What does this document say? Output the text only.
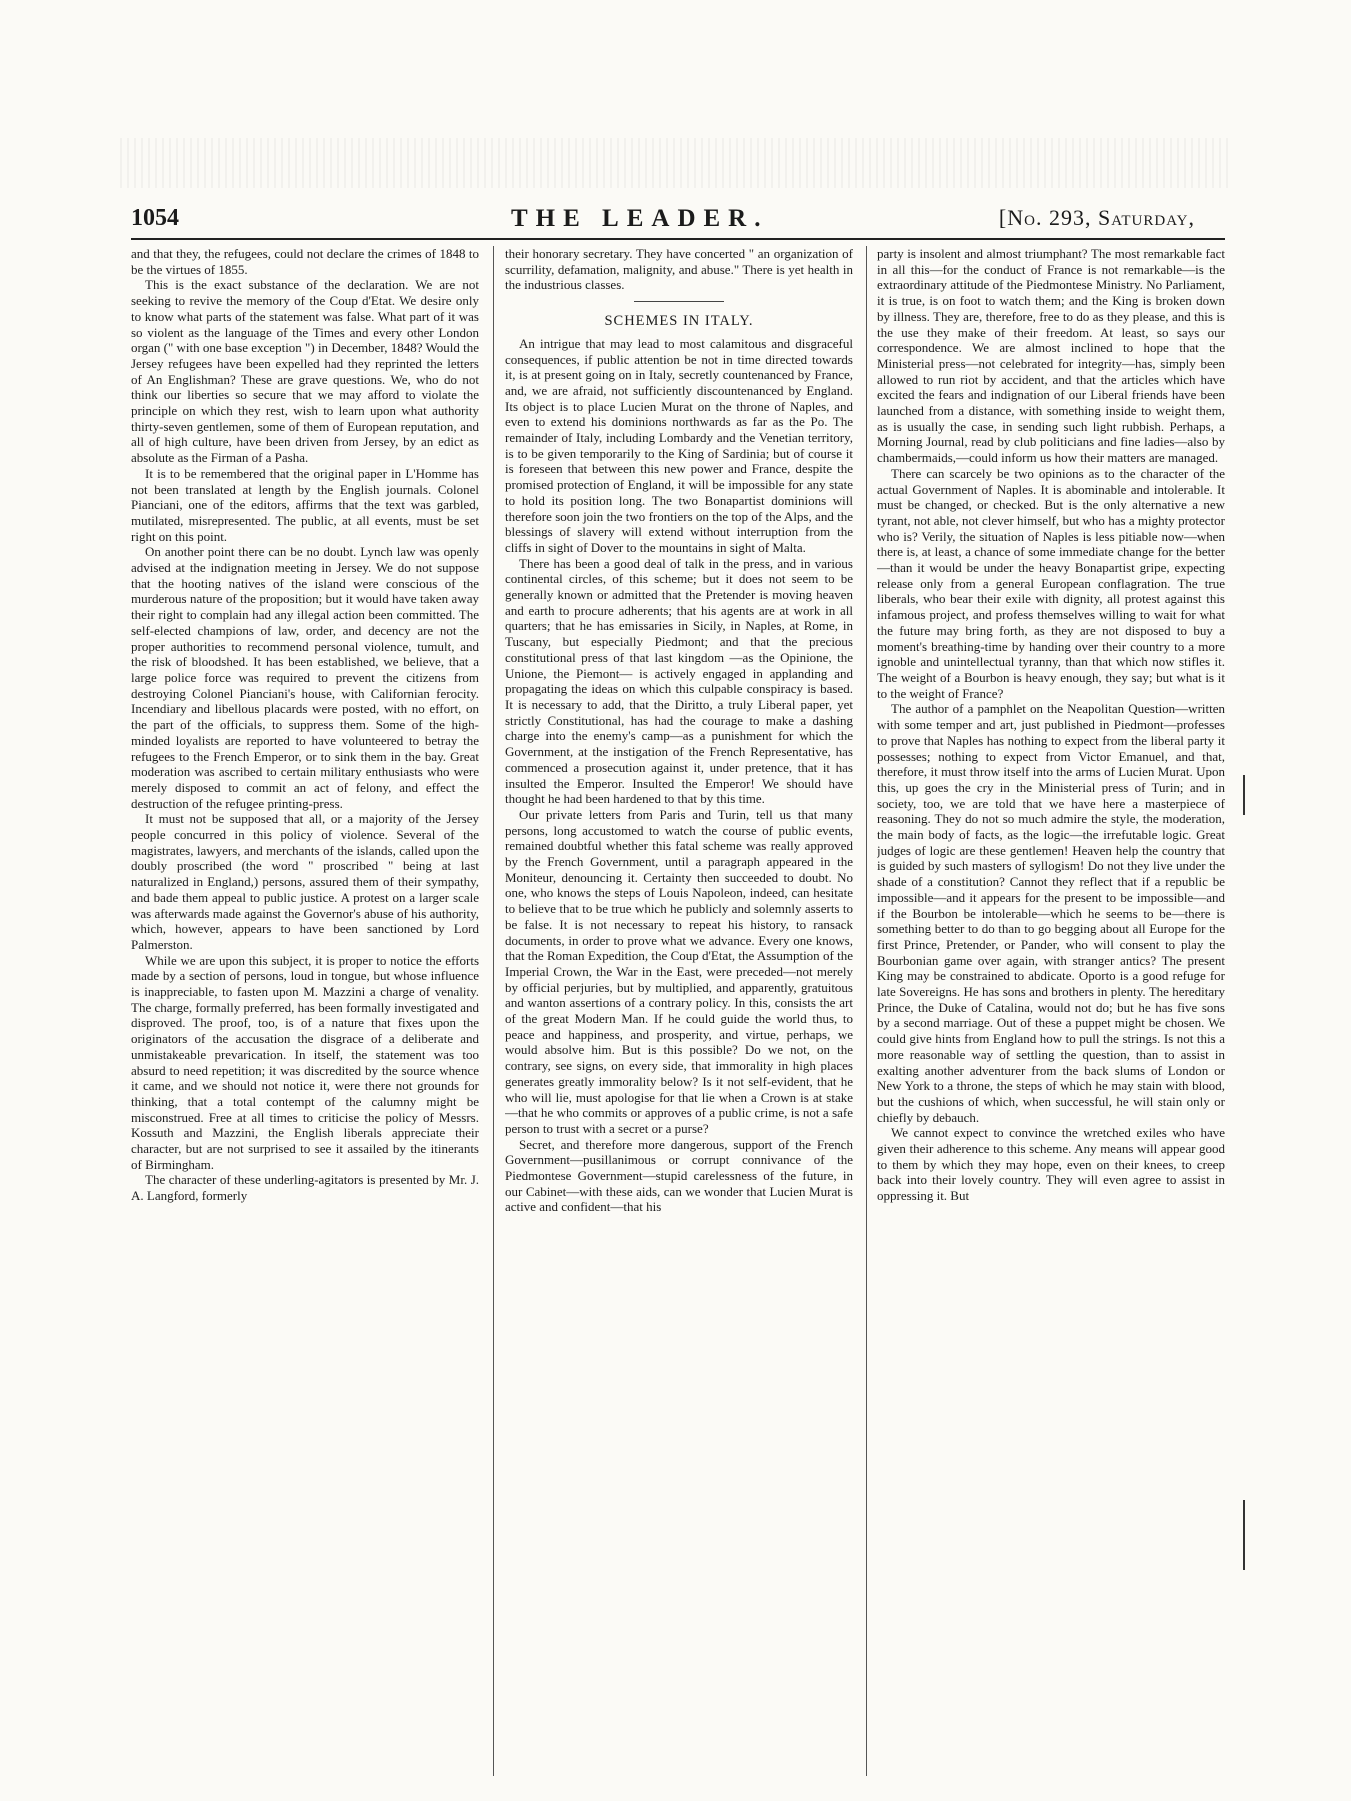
1054	THE LEADER.	[No. 293, Saturday,

and that they, the refugees, could not declare the crimes of 1848 to be the virtues of 1855.

This is the exact substance of the declaration. We are not seeking to revive the memory of the Coup d'Etat. We desire only to know what parts of the statement was false. What part of it was so violent as the language of the Times and every other London organ (" with one base exception ") in December, 1848? Would the Jersey refugees have been expelled had they reprinted the letters of An Englishman? These are grave questions. We, who do not think our liberties so secure that we may afford to violate the principle on which they rest, wish to learn upon what authority thirty-seven gentlemen, some of them of European reputation, and all of high culture, have been driven from Jersey, by an edict as absolute as the Firman of a Pasha.

It is to be remembered that the original paper in L'Homme has not been translated at length by the English journals. Colonel Pianciani, one of the editors, affirms that the text was garbled, mutilated, misrepresented. The public, at all events, must be set right on this point.

On another point there can be no doubt. Lynch law was openly advised at the indignation meeting in Jersey. We do not suppose that the hooting natives of the island were conscious of the murderous nature of the proposition; but it would have taken away their right to complain had any illegal action been committed. The self-elected champions of law, order, and decency are not the proper authorities to recommend personal violence, tumult, and the risk of bloodshed. It has been established, we believe, that a large police force was required to prevent the citizens from destroying Colonel Pianciani's house, with Californian ferocity. Incendiary and libellous placards were posted, with no effort, on the part of the officials, to suppress them. Some of the high-minded loyalists are reported to have volunteered to betray the refugees to the French Emperor, or to sink them in the bay. Great moderation was ascribed to certain military enthusiasts who were merely disposed to commit an act of felony, and effect the destruction of the refugee printing-press.

It must not be supposed that all, or a majority of the Jersey people concurred in this policy of violence. Several of the magistrates, lawyers, and merchants of the islands, called upon the doubly proscribed (the word " proscribed " being at last naturalized in England,) persons, assured them of their sympathy, and bade them appeal to public justice. A protest on a larger scale was afterwards made against the Governor's abuse of his authority, which, however, appears to have been sanctioned by Lord Palmerston.

While we are upon this subject, it is proper to notice the efforts made by a section of persons, loud in tongue, but whose influence is inappreciable, to fasten upon M. Mazzini a charge of venality. The charge, formally preferred, has been formally investigated and disproved. The proof, too, is of a nature that fixes upon the originators of the accusation the disgrace of a deliberate and unmistakeable prevarication. In itself, the statement was too absurd to need repetition; it was discredited by the source whence it came, and we should not notice it, were there not grounds for thinking, that a total contempt of the calumny might be misconstrued. Free at all times to criticise the policy of Messrs. Kossuth and Mazzini, the English liberals appreciate their character, but are not surprised to see it assailed by the itinerants of Birmingham.

The character of these underling-agitators is presented by Mr. J. A. Langford, formerly

their honorary secretary. They have concerted " an organization of scurrility, defamation, malignity, and abuse." There is yet health in the industrious classes.

SCHEMES IN ITALY.

An intrigue that may lead to most calamitous and disgraceful consequences, if public attention be not in time directed towards it, is at present going on in Italy, secretly countenanced by France, and, we are afraid, not sufficiently discountenanced by England. Its object is to place Lucien Murat on the throne of Naples, and even to extend his dominions northwards as far as the Po. The remainder of Italy, including Lombardy and the Venetian territory, is to be given temporarily to the King of Sardinia; but of course it is foreseen that between this new power and France, despite the promised protection of England, it will be impossible for any state to hold its position long. The two Bonapartist dominions will therefore soon join the two frontiers on the top of the Alps, and the blessings of slavery will extend without interruption from the cliffs in sight of Dover to the mountains in sight of Malta.

There has been a good deal of talk in the press, and in various continental circles, of this scheme; but it does not seem to be generally known or admitted that the Pretender is moving heaven and earth to procure adherents; that his agents are at work in all quarters; that he has emissaries in Sicily, in Naples, at Rome, in Tuscany, but especially Piedmont; and that the precious constitutional press of that last kingdom —as the Opinione, the Unione, the Piemont— is actively engaged in applanding and propagating the ideas on which this culpable conspiracy is based. It is necessary to add, that the Diritto, a truly Liberal paper, yet strictly Constitutional, has had the courage to make a dashing charge into the enemy's camp—as a punishment for which the Government, at the instigation of the French Representative, has commenced a prosecution against it, under pretence, that it has insulted the Emperor. Insulted the Emperor! We should have thought he had been hardened to that by this time.

Our private letters from Paris and Turin, tell us that many persons, long accustomed to watch the course of public events, remained doubtful whether this fatal scheme was really approved by the French Government, until a paragraph appeared in the Moniteur, denouncing it. Certainty then succeeded to doubt. No one, who knows the steps of Louis Napoleon, indeed, can hesitate to believe that to be true which he publicly and solemnly asserts to be false. It is not necessary to repeat his history, to ransack documents, in order to prove what we advance. Every one knows, that the Roman Expedition, the Coup d'Etat, the Assumption of the Imperial Crown, the War in the East, were preceded—not merely by official perjuries, but by multiplied, and apparently, gratuitous and wanton assertions of a contrary policy. In this, consists the art of the great Modern Man. If he could guide the world thus, to peace and happiness, and prosperity, and virtue, perhaps, we would absolve him. But is this possible? Do we not, on the contrary, see signs, on every side, that immorality in high places generates greatly immorality below? Is it not self-evident, that he who will lie, must apologise for that lie when a Crown is at stake—that he who commits or approves of a public crime, is not a safe person to trust with a secret or a purse?

Secret, and therefore more dangerous, support of the French Government—pusillanimous or corrupt connivance of the Piedmontese Government—stupid carelessness of the future, in our Cabinet—with these aids, can we wonder that Lucien Murat is active and confident—that his

party is insolent and almost triumphant? The most remarkable fact in all this—for the conduct of France is not remarkable—is the extraordinary attitude of the Piedmontese Ministry. No Parliament, it is true, is on foot to watch them; and the King is broken down by illness. They are, therefore, free to do as they please, and this is the use they make of their freedom. At least, so says our correspondence. We are almost inclined to hope that the Ministerial press—not celebrated for integrity—has, simply been allowed to run riot by accident, and that the articles which have excited the fears and indignation of our Liberal friends have been launched from a distance, with something inside to weight them, as is usually the case, in sending such light rubbish. Perhaps, a Morning Journal, read by club politicians and fine ladies—also by chambermaids,—could inform us how their matters are managed.

There can scarcely be two opinions as to the character of the actual Government of Naples. It is abominable and intolerable. It must be changed, or checked. But is the only alternative a new tyrant, not able, not clever himself, but who has a mighty protector who is? Verily, the situation of Naples is less pitiable now—when there is, at least, a chance of some immediate change for the better—than it would be under the heavy Bonapartist gripe, expecting release only from a general European conflagration. The true liberals, who bear their exile with dignity, all protest against this infamous project, and profess themselves willing to wait for what the future may bring forth, as they are not disposed to buy a moment's breathing-time by handing over their country to a more ignoble and unintellectual tyranny, than that which now stifles it. The weight of a Bourbon is heavy enough, they say; but what is it to the weight of France?

The author of a pamphlet on the Neapolitan Question—written with some temper and art, just published in Piedmont—professes to prove that Naples has nothing to expect from the liberal party it possesses; nothing to expect from Victor Emanuel, and that, therefore, it must throw itself into the arms of Lucien Murat. Upon this, up goes the cry in the Ministerial press of Turin; and in society, too, we are told that we have here a masterpiece of reasoning. They do not so much admire the style, the moderation, the main body of facts, as the logic—the irrefutable logic. Great judges of logic are these gentlemen! Heaven help the country that is guided by such masters of syllogism! Do not they live under the shade of a constitution? Cannot they reflect that if a republic be impossible—and it appears for the present to be impossible—and if the Bourbon be intolerable—which he seems to be—there is something better to do than to go begging about all Europe for the first Prince, Pretender, or Pander, who will consent to play the Bourbonian game over again, with stranger antics? The present King may be constrained to abdicate. Oporto is a good refuge for late Sovereigns. He has sons and brothers in plenty. The hereditary Prince, the Duke of Catalina, would not do; but he has five sons by a second marriage. Out of these a puppet might be chosen. We could give hints from England how to pull the strings. Is not this a more reasonable way of settling the question, than to assist in exalting another adventurer from the back slums of London or New York to a throne, the steps of which he may stain with blood, but the cushions of which, when successful, he will stain only or chiefly by debauch.

We cannot expect to convince the wretched exiles who have given their adherence to this scheme. Any means will appear good to them by which they may hope, even on their knees, to creep back into their lovely country. They will even agree to assist in oppressing it. But
